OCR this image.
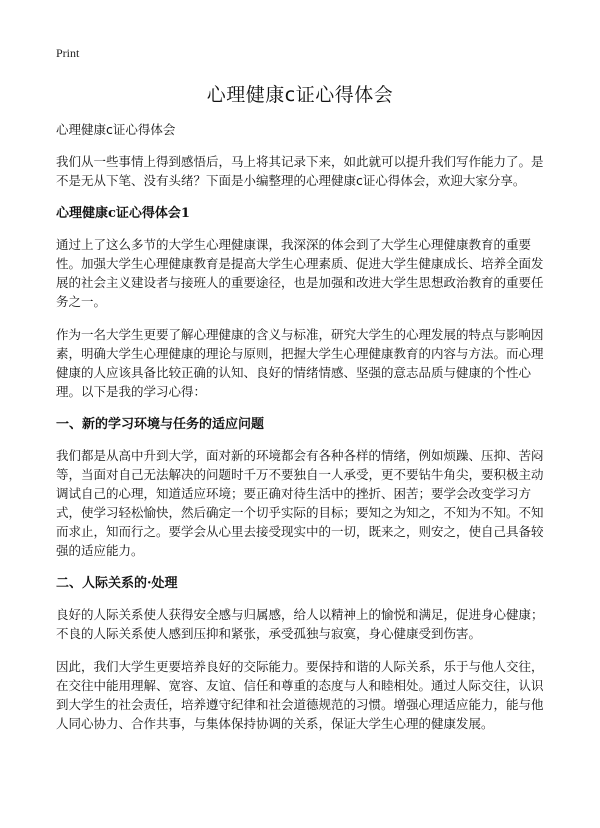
Print
心理健康c证心得体会

心理健康c证心得体会

我们从一些事情上得到感悟后，马上将其记录下来，如此就可以提升我们写作能力了。是不是无从下笔、没有头绪？下面是小编整理的心理健康c证心得体会，欢迎大家分享。

心理健康c证心得体会1

通过上了这么多节的大学生心理健康课，我深深的体会到了大学生心理健康教育的重要性。加强大学生心理健康教育是提高大学生心理素质、促进大学生健康成长、培养全面发展的社会主义建设者与接班人的重要途径，也是加强和改进大学生思想政治教育的重要任务之一。

作为一名大学生更要了解心理健康的含义与标准，研究大学生的心理发展的特点与影响因素，明确大学生心理健康的理论与原则，把握大学生心理健康教育的内容与方法。而心理健康的人应该具备比较正确的认知、良好的情绪情感、坚强的意志品质与健康的个性心理。以下是我的学习心得：

一、新的学习环境与任务的适应问题

我们都是从高中升到大学，面对新的环境都会有各种各样的情绪，例如烦躁、压抑、苦闷等，当面对自己无法解决的问题时千万不要独自一人承受，更不要钻牛角尖，要积极主动调试自己的心理，知道适应环境；要正确对待生活中的挫折、困苦；要学会改变学习方式，使学习轻松愉快，然后确定一个切乎实际的目标；要知之为知之，不知为不知。不知而求止，知而行之。要学会从心里去接受现实中的一切，既来之，则安之，使自己具备较强的适应能力。

二、人际关系的·处理

良好的人际关系使人获得安全感与归属感，给人以精神上的愉悦和满足，促进身心健康；不良的人际关系使人感到压抑和紧张，承受孤独与寂寞，身心健康受到伤害。

因此，我们大学生更要培养良好的交际能力。要保持和谐的人际关系，乐于与他人交往，在交往中能用理解、宽容、友谊、信任和尊重的态度与人和睦相处。通过人际交往，认识到大学生的社会责任，培养遵守纪律和社会道德规范的习惯。增强心理适应能力，能与他人同心协力、合作共事，与集体保持协调的关系，保证大学生心理的健康发展。
